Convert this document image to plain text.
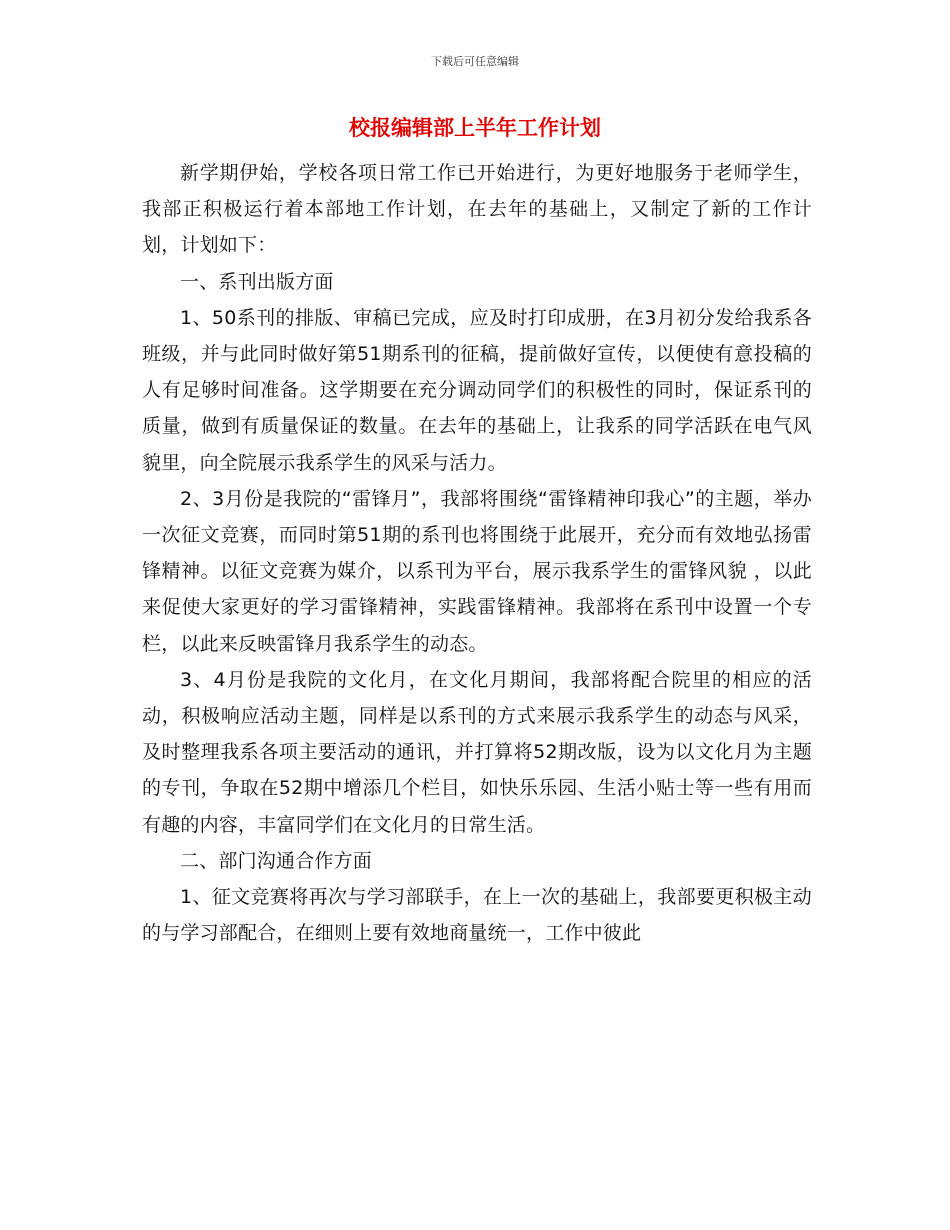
下载后可任意编辑
校报编辑部上半年工作计划

新学期伊始，学校各项日常工作已开始进行，为更好地服务于老师学生，我部正积极运行着本部地工作计划，在去年的基础上，又制定了新的工作计划，计划如下：

一、系刊出版方面

1、50系刊的排版、审稿已完成，应及时打印成册，在3月初分发给我系各班级，并与此同时做好第51期系刊的征稿，提前做好宣传，以便使有意投稿的人有足够时间准备。这学期要在充分调动同学们的积极性的同时，保证系刊的质量，做到有质量保证的数量。在去年的基础上，让我系的同学活跃在电气风貌里，向全院展示我系学生的风采与活力。

2、3月份是我院的“雷锋月”，我部将围绕“雷锋精神印我心”的主题，举办一次征文竞赛，而同时第51期的系刊也将围绕于此展开，充分而有效地弘扬雷锋精神。以征文竞赛为媒介，以系刊为平台，展示我系学生的雷锋风貌 ，以此来促使大家更好的学习雷锋精神，实践雷锋精神。我部将在系刊中设置一个专栏，以此来反映雷锋月我系学生的动态。

3、4月份是我院的文化月，在文化月期间，我部将配合院里的相应的活动，积极响应活动主题，同样是以系刊的方式来展示我系学生的动态与风采，及时整理我系各项主要活动的通讯，并打算将52期改版，设为以文化月为主题的专刊，争取在52期中增添几个栏目，如快乐乐园、生活小贴士等一些有用而有趣的内容，丰富同学们在文化月的日常生活。

二、部门沟通合作方面

1、征文竞赛将再次与学习部联手，在上一次的基础上，我部要更积极主动的与学习部配合，在细则上要有效地商量统一，工作中彼此
